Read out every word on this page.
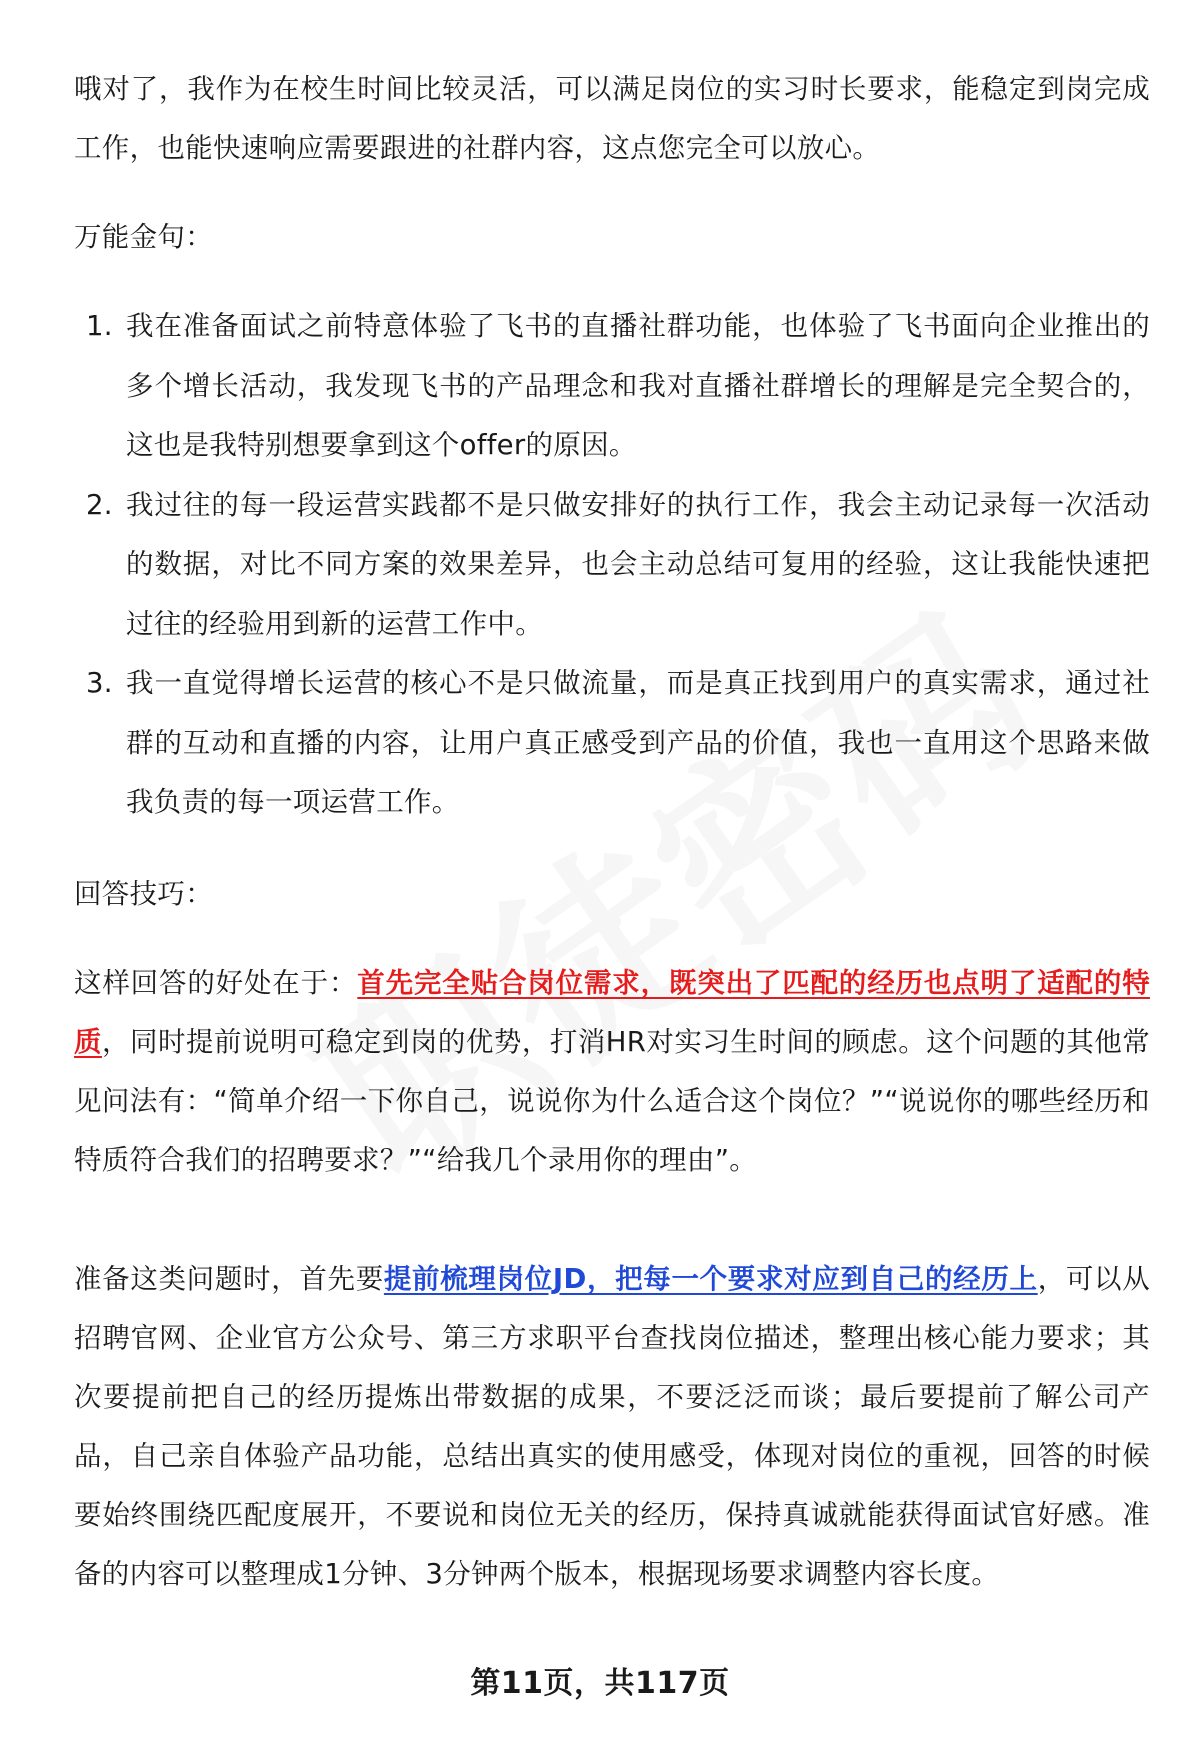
哦对了，我作为在校生时间比较灵活，可以满足岗位的实习时长要求，能稳定到岗完成工作，也能快速响应需要跟进的社群内容，这点您完全可以放心。

万能金句：

1. 我在准备面试之前特意体验了飞书的直播社群功能，也体验了飞书面向企业推出的多个增长活动，我发现飞书的产品理念和我对直播社群增长的理解是完全契合的，这也是我特别想要拿到这个offer的原因。
2. 我过往的每一段运营实践都不是只做安排好的执行工作，我会主动记录每一次活动的数据，对比不同方案的效果差异，也会主动总结可复用的经验，这让我能快速把过往的经验用到新的运营工作中。
3. 我一直觉得增长运营的核心不是只做流量，而是真正找到用户的真实需求，通过社群的互动和直播的内容，让用户真正感受到产品的价值，我也一直用这个思路来做我负责的每一项运营工作。

回答技巧：

这样回答的好处在于：首先完全贴合岗位需求，既突出了匹配的经历也点明了适配的特质，同时提前说明可稳定到岗的优势，打消HR对实习生时间的顾虑。这个问题的其他常见问法有：“简单介绍一下你自己，说说你为什么适合这个岗位？”“说说你的哪些经历和特质符合我们的招聘要求？”“给我几个录用你的理由”。

准备这类问题时，首先要提前梳理岗位JD，把每一个要求对应到自己的经历上，可以从招聘官网、企业官方公众号、第三方求职平台查找岗位描述，整理出核心能力要求；其次要提前把自己的经历提炼出带数据的成果，不要泛泛而谈；最后要提前了解公司产品，自己亲自体验产品功能，总结出真实的使用感受，体现对岗位的重视，回答的时候要始终围绕匹配度展开，不要说和岗位无关的经历，保持真诚就能获得面试官好感。准备的内容可以整理成1分钟、3分钟两个版本，根据现场要求调整内容长度。

第11页，共117页
